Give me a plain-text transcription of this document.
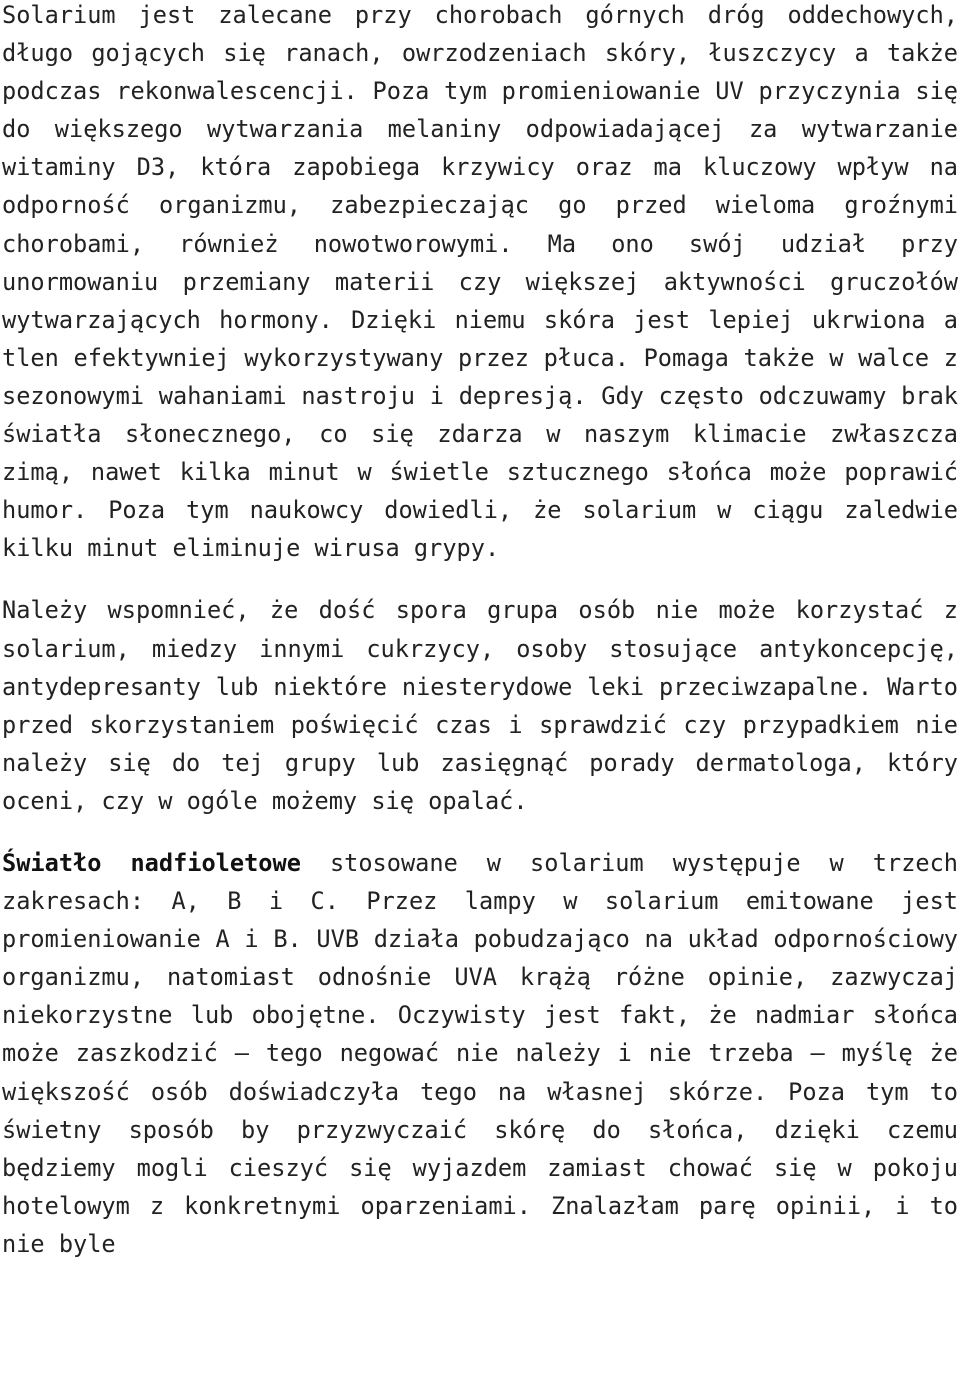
Solarium jest zalecane przy chorobach górnych dróg oddechowych, długo gojących się ranach, owrzodzeniach skóry, łuszczycy a także podczas rekonwalescencji. Poza tym promieniowanie UV przyczynia się do większego wytwarzania melaniny odpowiadającej za wytwarzanie witaminy D3, która zapobiega krzywicy oraz ma kluczowy wpływ na odporność organizmu, zabezpieczając go przed wieloma groźnymi chorobami, również nowotworowymi. Ma ono swój udział przy unormowaniu przemiany materii czy większej aktywności gruczołów wytwarzających hormony. Dzięki niemu skóra jest lepiej ukrwiona a tlen efektywniej wykorzystywany przez płuca. Pomaga także w walce z sezonowymi wahaniami nastroju i depresją. Gdy często odczuwamy brak światła słonecznego, co się zdarza w naszym klimacie zwłaszcza zimą, nawet kilka minut w świetle sztucznego słońca może poprawić humor. Poza tym naukowcy dowiedli, że solarium w ciągu zaledwie kilku minut eliminuje wirusa grypy.

Należy wspomnieć, że dość spora grupa osób nie może korzystać z solarium, miedzy innymi cukrzycy, osoby stosujące antykoncepcję, antydepresanty lub niektóre niesterydowe leki przeciwzapalne. Warto przed skorzystaniem poświęcić czas i sprawdzić czy przypadkiem nie należy się do tej grupy lub zasięgnąć porady dermatologa, który oceni, czy w ogóle możemy się opalać.

Światło nadfioletowe stosowane w solarium występuje w trzech zakresach: A, B i C. Przez lampy w solarium emitowane jest promieniowanie A i B. UVB działa pobudzająco na układ odpornościowy organizmu, natomiast odnośnie UVA krążą różne opinie, zazwyczaj niekorzystne lub obojętne. Oczywisty jest fakt, że nadmiar słońca może zaszkodzić — tego negować nie należy i nie trzeba — myślę że większość osób doświadczyła tego na własnej skórze. Poza tym to świetny sposób by przyzwyczaić skórę do słońca, dzięki czemu będziemy mogli cieszyć się wyjazdem zamiast chować się w pokoju hotelowym z konkretnymi oparzeniami. Znalazłam parę opinii, i to nie byle
